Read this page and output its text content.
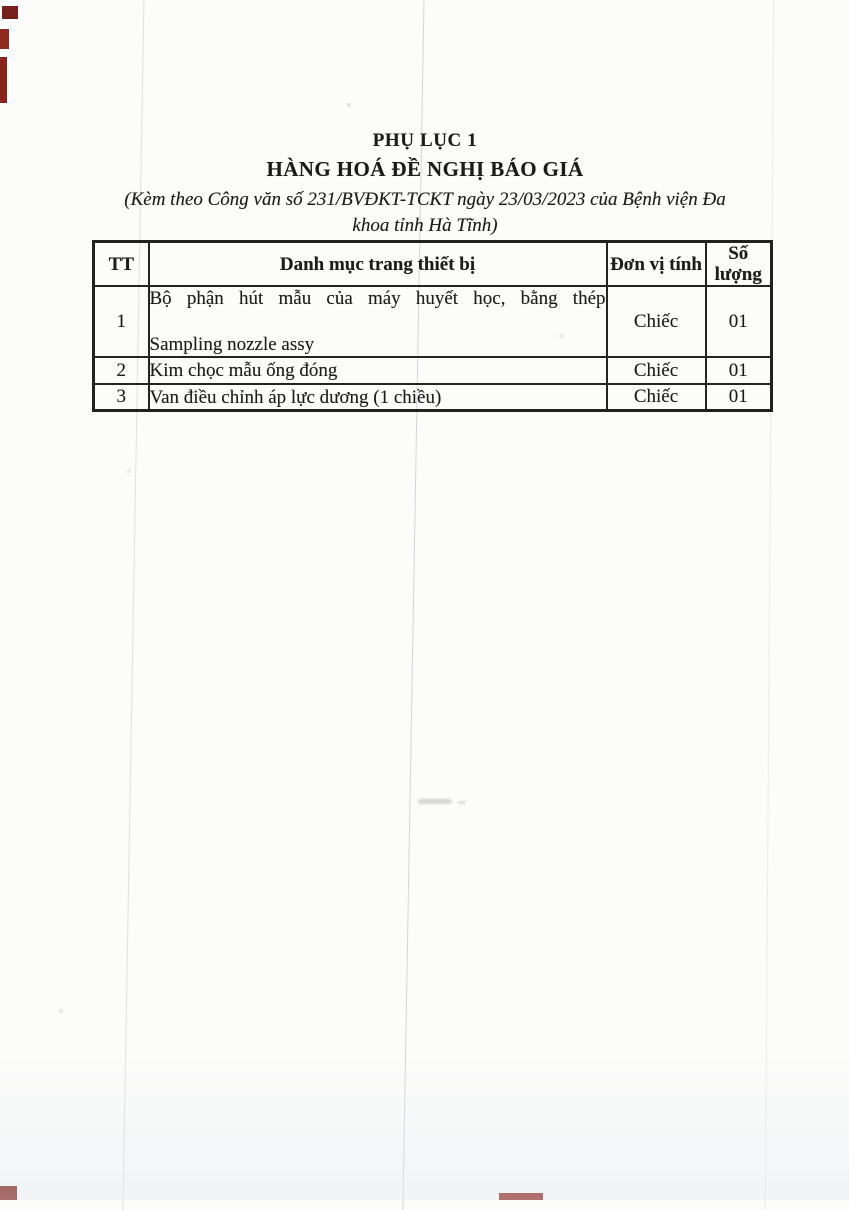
PHỤ LỤC 1
HÀNG HOÁ ĐỀ NGHỊ BÁO GIÁ
(Kèm theo Công văn số 231/BVĐKT-TCKT ngày 23/03/2023 của Bệnh viện Đa
khoa tỉnh Hà Tĩnh)
TT	Danh mục trang thiết bị	Đơn vị tính	Số lượng
1	Bộ phận hút mẫu của máy huyết học, bằng thép
Sampling nozzle assy	Chiếc	01
2	Kim chọc mẫu ống đóng	Chiếc	01
3	Van điều chỉnh áp lực dương (1 chiều)	Chiếc	01
